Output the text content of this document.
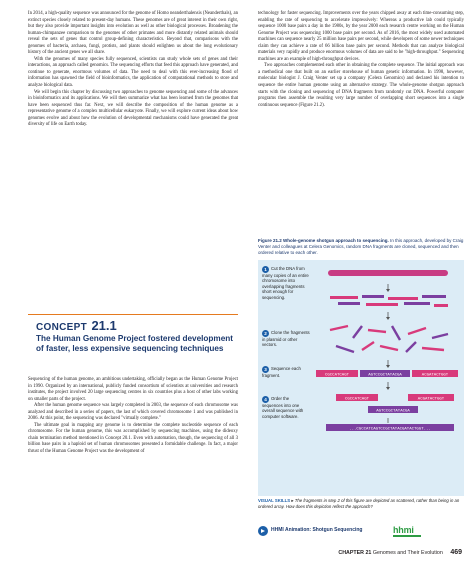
In 2014, a high-quality sequence was announced for the genome of Homo neanderthalensis (Neanderthals), an extinct species closely related to present-day humans. These genomes are of great interest in their own right, but they also provide important insights into evolution as well as other biological processes. Broadening the human-chimpanzee comparison to the genomes of other primates and more distantly related animals should reveal the sets of genes that control group-defining characteristics. Beyond that, comparisons with the genomes of bacteria, archaea, fungi, protists, and plants should enlighten us about the long evolutionary history of the ancient genes we all share.

With the genomes of many species fully sequenced, scientists can study whole sets of genes and their interactions, an approach called genomics. The sequencing efforts that feed this approach have generated, and continue to generate, enormous volumes of data. The need to deal with this ever-increasing flood of information has spawned the field of bioinformatics, the application of computational methods to store and analyze biological data.

We will begin this chapter by discussing two approaches to genome sequencing and some of the advances in bioinformatics and its applications. We will then summarize what has been learned from the genomes that have been sequenced thus far. Next, we will describe the composition of the human genome as a representative genome of a complex multicellular eukaryote. Finally, we will explore current ideas about how genomes evolve and about how the evolution of developmental mechanisms could have generated the great diversity of life on Earth today.

CONCEPT 21.1
The Human Genome Project fostered development of faster, less expensive sequencing techniques

Sequencing of the human genome, an ambitious undertaking, officially began as the Human Genome Project in 1990. Organized by an international, publicly funded consortium of scientists at universities and research institutes, the project involved 20 large sequencing centres in six countries plus a host of other labs working on smaller parts of the project.

After the human genome sequence was largely completed in 2003, the sequence of each chromosome was analyzed and described in a series of papers, the last of which covered chromosome 1 and was published in 2006. At this point, the sequencing was declared "virtually complete."

The ultimate goal in mapping any genome is to determine the complete nucleotide sequence of each chromosome. For the human genome, this was accomplished by sequencing machines, using the dideoxy chain termination method mentioned in Concept 20.1. Even with automation, though, the sequencing of all 3 billion base pairs in a haploid set of human chromosomes presented a formidable challenge. In fact, a major thrust of the Human Genome Project was the development of

technology for faster sequencing. Improvements over the years chipped away at each time-consuming step, enabling the rate of sequencing to accelerate impressively: Whereas a productive lab could typically sequence 1000 base pairs a day in the 1980s, by the year 2000 each research centre working on the Human Genome Project was sequencing 1000 base pairs per second. As of 2016, the most widely used automated machines can sequence nearly 25 million base pairs per second, while developers of some newer techniques claim they can achieve a rate of 66 billion base pairs per second. Methods that can analyze biological materials very rapidly and produce enormous volumes of data are said to be "high-throughput." Sequencing machines are an example of high-throughput devices.

Two approaches complemented each other in obtaining the complete sequence. The initial approach was a methodical one that built on an earlier storehouse of human genetic information. In 1998, however, molecular biologist J. Craig Venter set up a company (Celera Genomics) and declared his intention to sequence the entire human genome using an alternative strategy. The whole-genome shotgun approach starts with the cloning and sequencing of DNA fragments from randomly cut DNA. Powerful computer programs then assemble the resulting very large number of overlapping short sequences into a single continuous sequence (Figure 21.2).

Figure 21.2 Whole-genome shotgun approach to sequencing. In this approach, developed by Craig Venter and colleagues at Celera Genomics, random DNA fragments are cloned, sequenced and then ordered relative to each other.
CGCCATCAGT	AGTCCGCTATACGA	ACGATACTGGT
CGCCATCAGT	ACGATACTGGT
AGTCCGCTATACGA
...CGCCATCAGTCCGCTATACGATACTGGT...
1 Cut the DNA from many copies of an entire chromosome into overlapping fragments short enough for sequencing.
2 Clone the fragments in plasmid or other vectors.
3 Sequence each fragment.
4 Order the sequences into one overall sequence with computer software.
VISUAL SKILLS ▸ The fragments in step 2 of this figure are depicted as scattered, rather than being in an ordered array. How does this depiction reflect the approach?
HHMI Animation: Shotgun Sequencing	hhmi
CHAPTER 21 Genomes and Their Evolution 469
